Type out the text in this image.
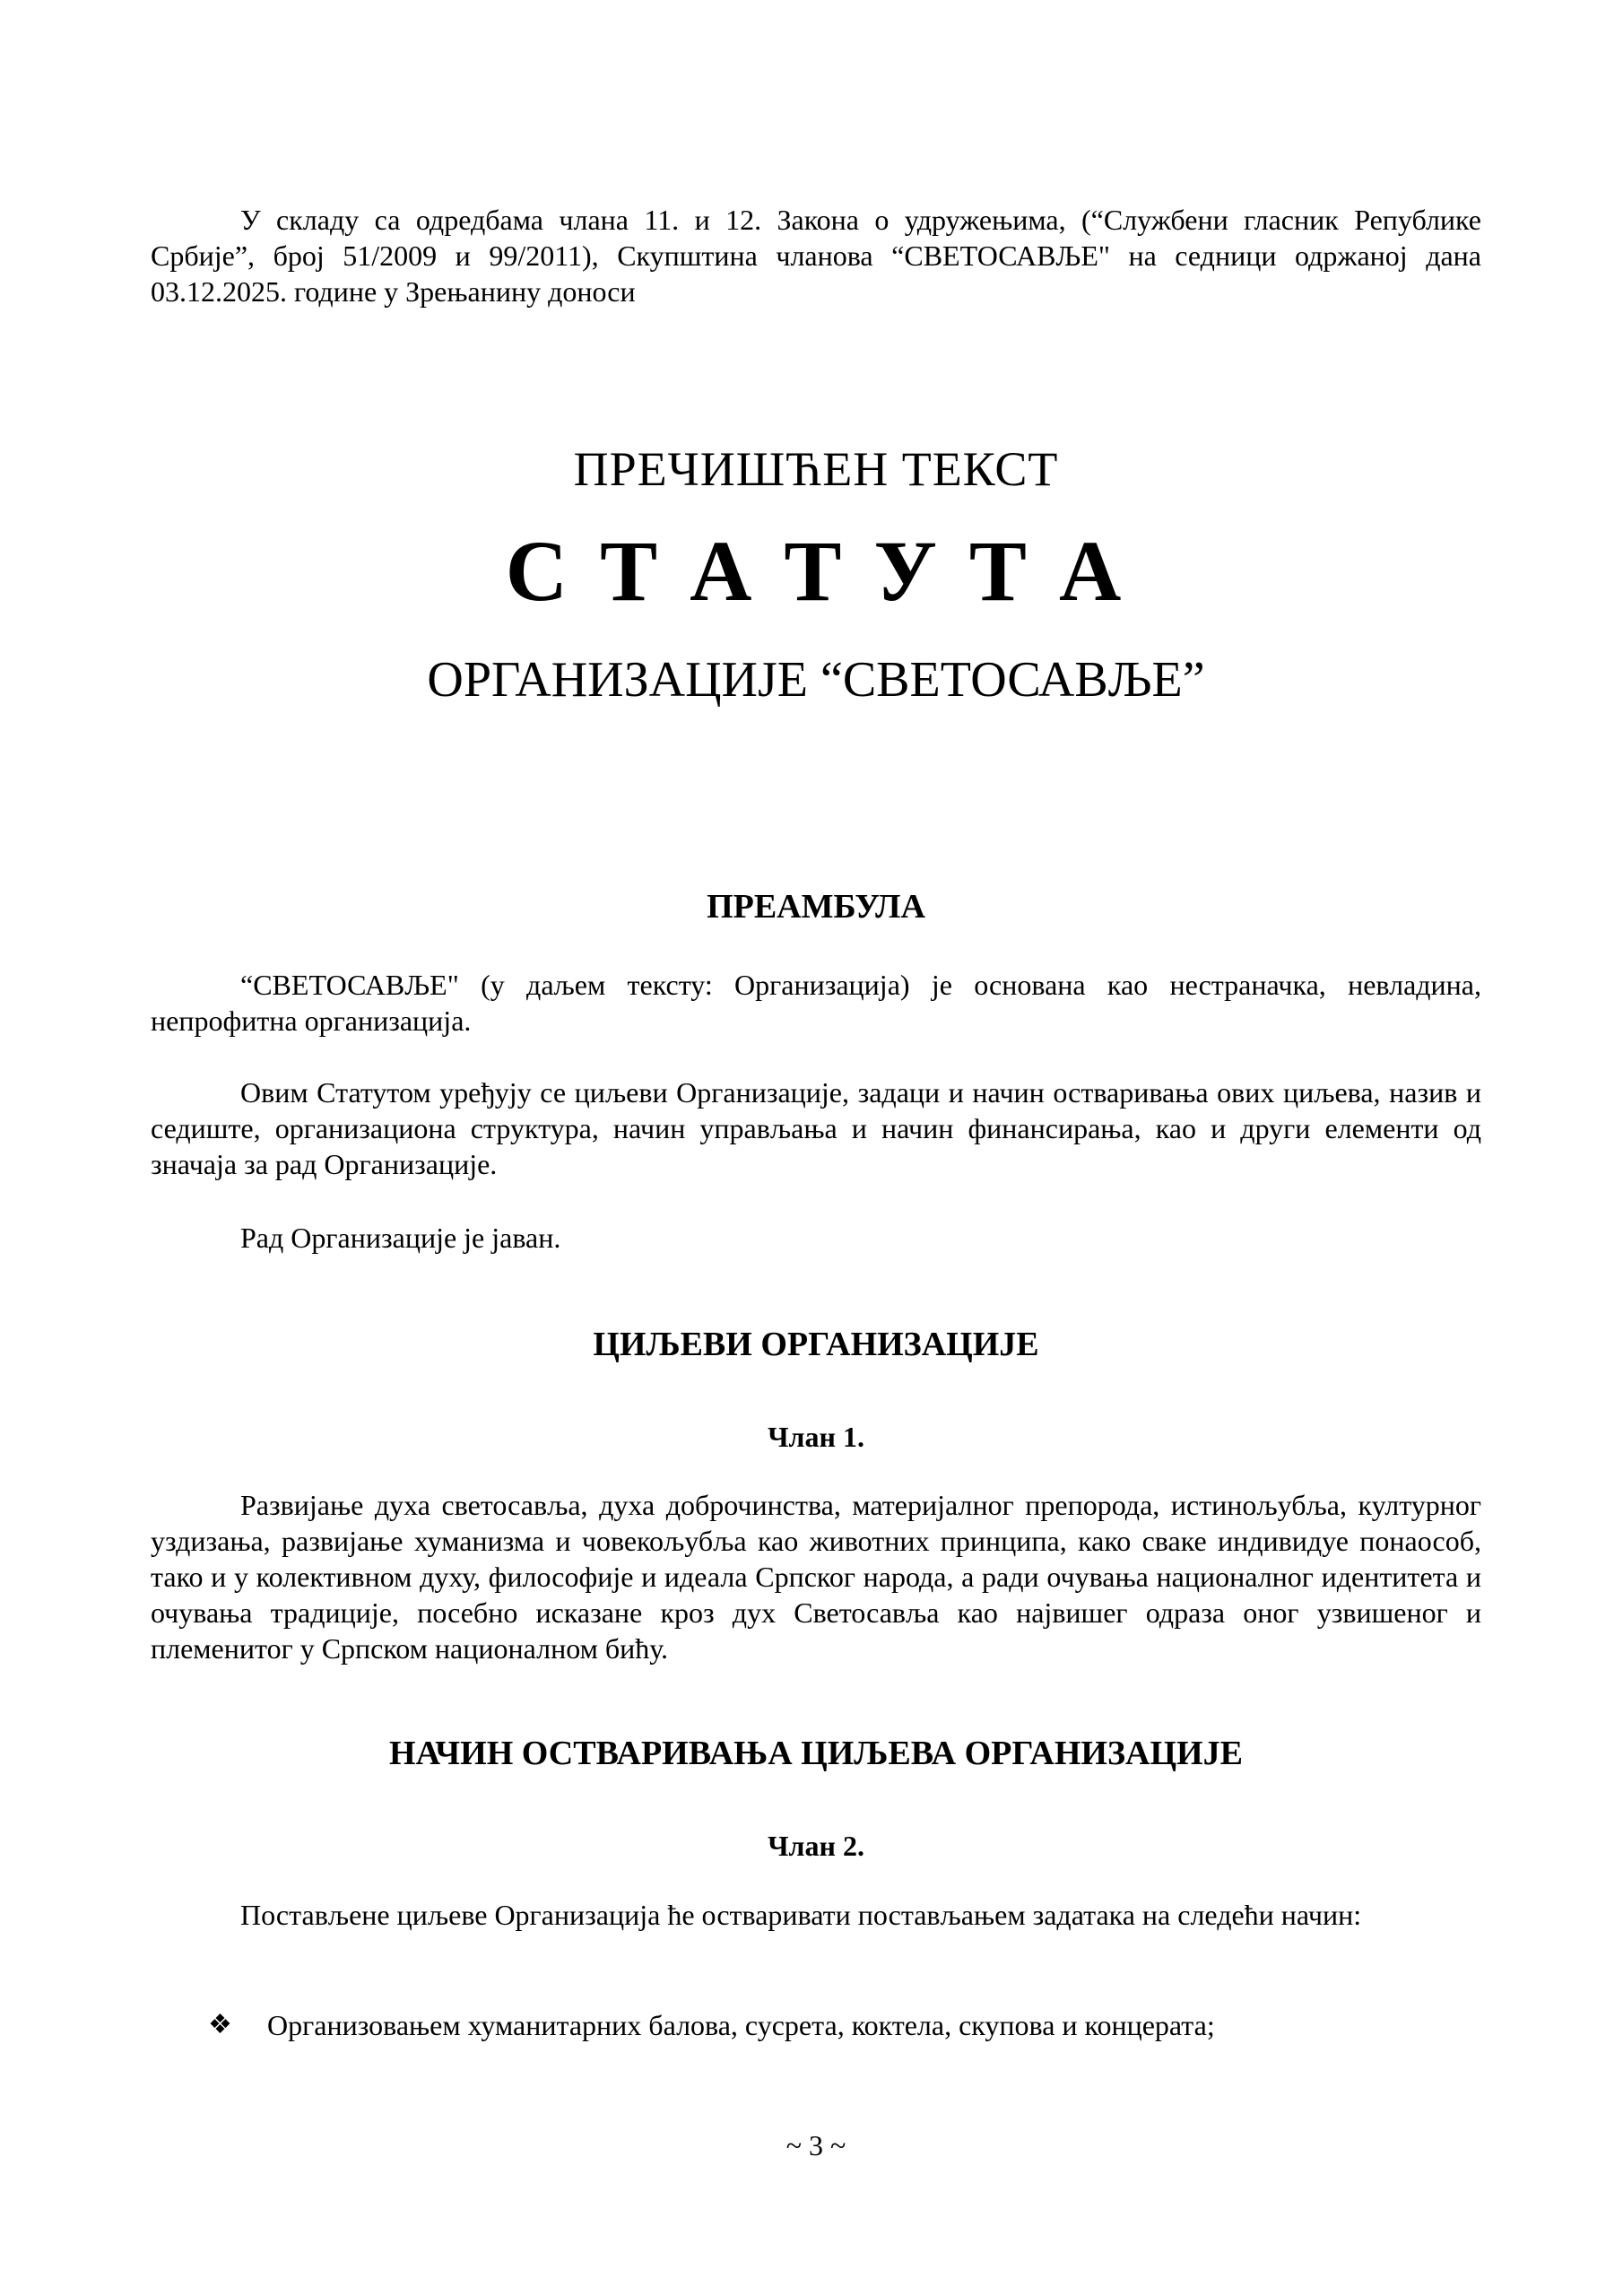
У складу са одредбама члана 11. и 12. Закона о удружењима, (“Службени гласник Републике Србије”, број 51/2009 и 99/2011), Скупштина чланова “СВЕТОСАВЉЕ" на седници одржаној дана 03.12.2025. године у Зрењанину доноси

ПРЕЧИШЋЕН ТЕКСТ
С Т А Т У Т А
ОРГАНИЗАЦИЈЕ “СВЕТОСАВЉЕ”
ПРЕАМБУЛА

“СВЕТОСАВЉЕ" (у даљем тексту: Организација) је основана као нестраначка, невладина, непрофитна организација.

Овим Статутом уређују се циљеви Организације, задаци и начин остваривања ових циљева, назив и седиште, организациона структура, начин управљања и начин финансирања, као и други елементи од значаја за рад Организације.

Рад Организације је јаван.

ЦИЉЕВИ ОРГАНИЗАЦИЈЕ
Члан 1.

Развијање духа светосавља, духа доброчинства, материјалног препорода, истинољубља, културног уздизања, развијање хуманизма и човекољубља као животних принципа, како сваке индивидуе понаособ, тако и у колективном духу, философије и идеала Српског народа, а ради очувања националног идентитета и очувања традиције, посебно исказане кроз дух Светосавља као највишег одраза оног узвишеног и племенитог у Српском националном бићу.

НАЧИН ОСТВАРИВАЊА ЦИЉЕВА ОРГАНИЗАЦИЈЕ
Члан 2.

Постављене циљеве Организација ће остваривати постављањем задатака на следећи начин:

❖	Организовањем хуманитарних балова, сусрета, коктела, скупова и концерата;
~ 3 ~
